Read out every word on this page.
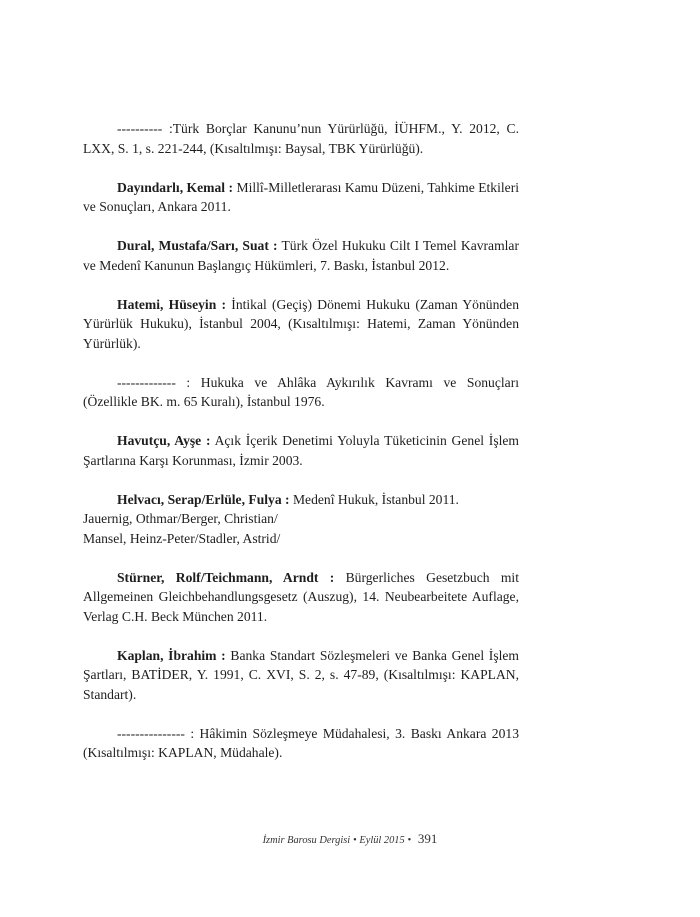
---------- :Türk Borçlar Kanunu’nun Yürürlüğü, İÜHFM., Y. 2012, C. LXX, S. 1, s. 221-244, (Kısaltılmışı: Baysal, TBK Yürürlüğü).

Dayındarlı, Kemal : Millî-Milletlerarası Kamu Düzeni, Tahkime Etkileri ve Sonuçları, Ankara 2011.

Dural, Mustafa/Sarı, Suat : Türk Özel Hukuku Cilt I Temel Kavramlar ve Medenî Kanunun Başlangıç Hükümleri, 7. Baskı, İstanbul 2012.

Hatemi, Hüseyin : İntikal (Geçiş) Dönemi Hukuku (Zaman Yönünden Yürürlük Hukuku), İstanbul 2004, (Kısaltılmışı: Hatemi, Zaman Yönünden Yürürlük).

------------- : Hukuka ve Ahlâka Aykırılık Kavramı ve Sonuçları (Özellikle BK. m. 65 Kuralı), İstanbul 1976.

Havutçu, Ayşe : Açık İçerik Denetimi Yoluyla Tüketicinin Genel İşlem Şartlarına Karşı Korunması, İzmir 2003.

Helvacı, Serap/Erlüle, Fulya : Medenî Hukuk, İstanbul 2011.
Jauernig, Othmar/Berger, Christian/
Mansel, Heinz-Peter/Stadler, Astrid/

Stürner, Rolf/Teichmann, Arndt : Bürgerliches Gesetzbuch mit Allgemeinen Gleichbehandlungsgesetz (Auszug), 14. Neubearbeitete Auflage, Verlag C.H. Beck München 2011.

Kaplan, İbrahim : Banka Standart Sözleşmeleri ve Banka Genel İşlem Şartları, BATİDER, Y. 1991, C. XVI, S. 2, s. 47-89, (Kısaltılmışı: KAPLAN, Standart).

--------------- : Hâkimin Sözleşmeye Müdahalesi, 3. Baskı Ankara 2013 (Kısaltılmışı: KAPLAN, Müdahale).

İzmir Barosu Dergisi • Eylül 2015 • 391
